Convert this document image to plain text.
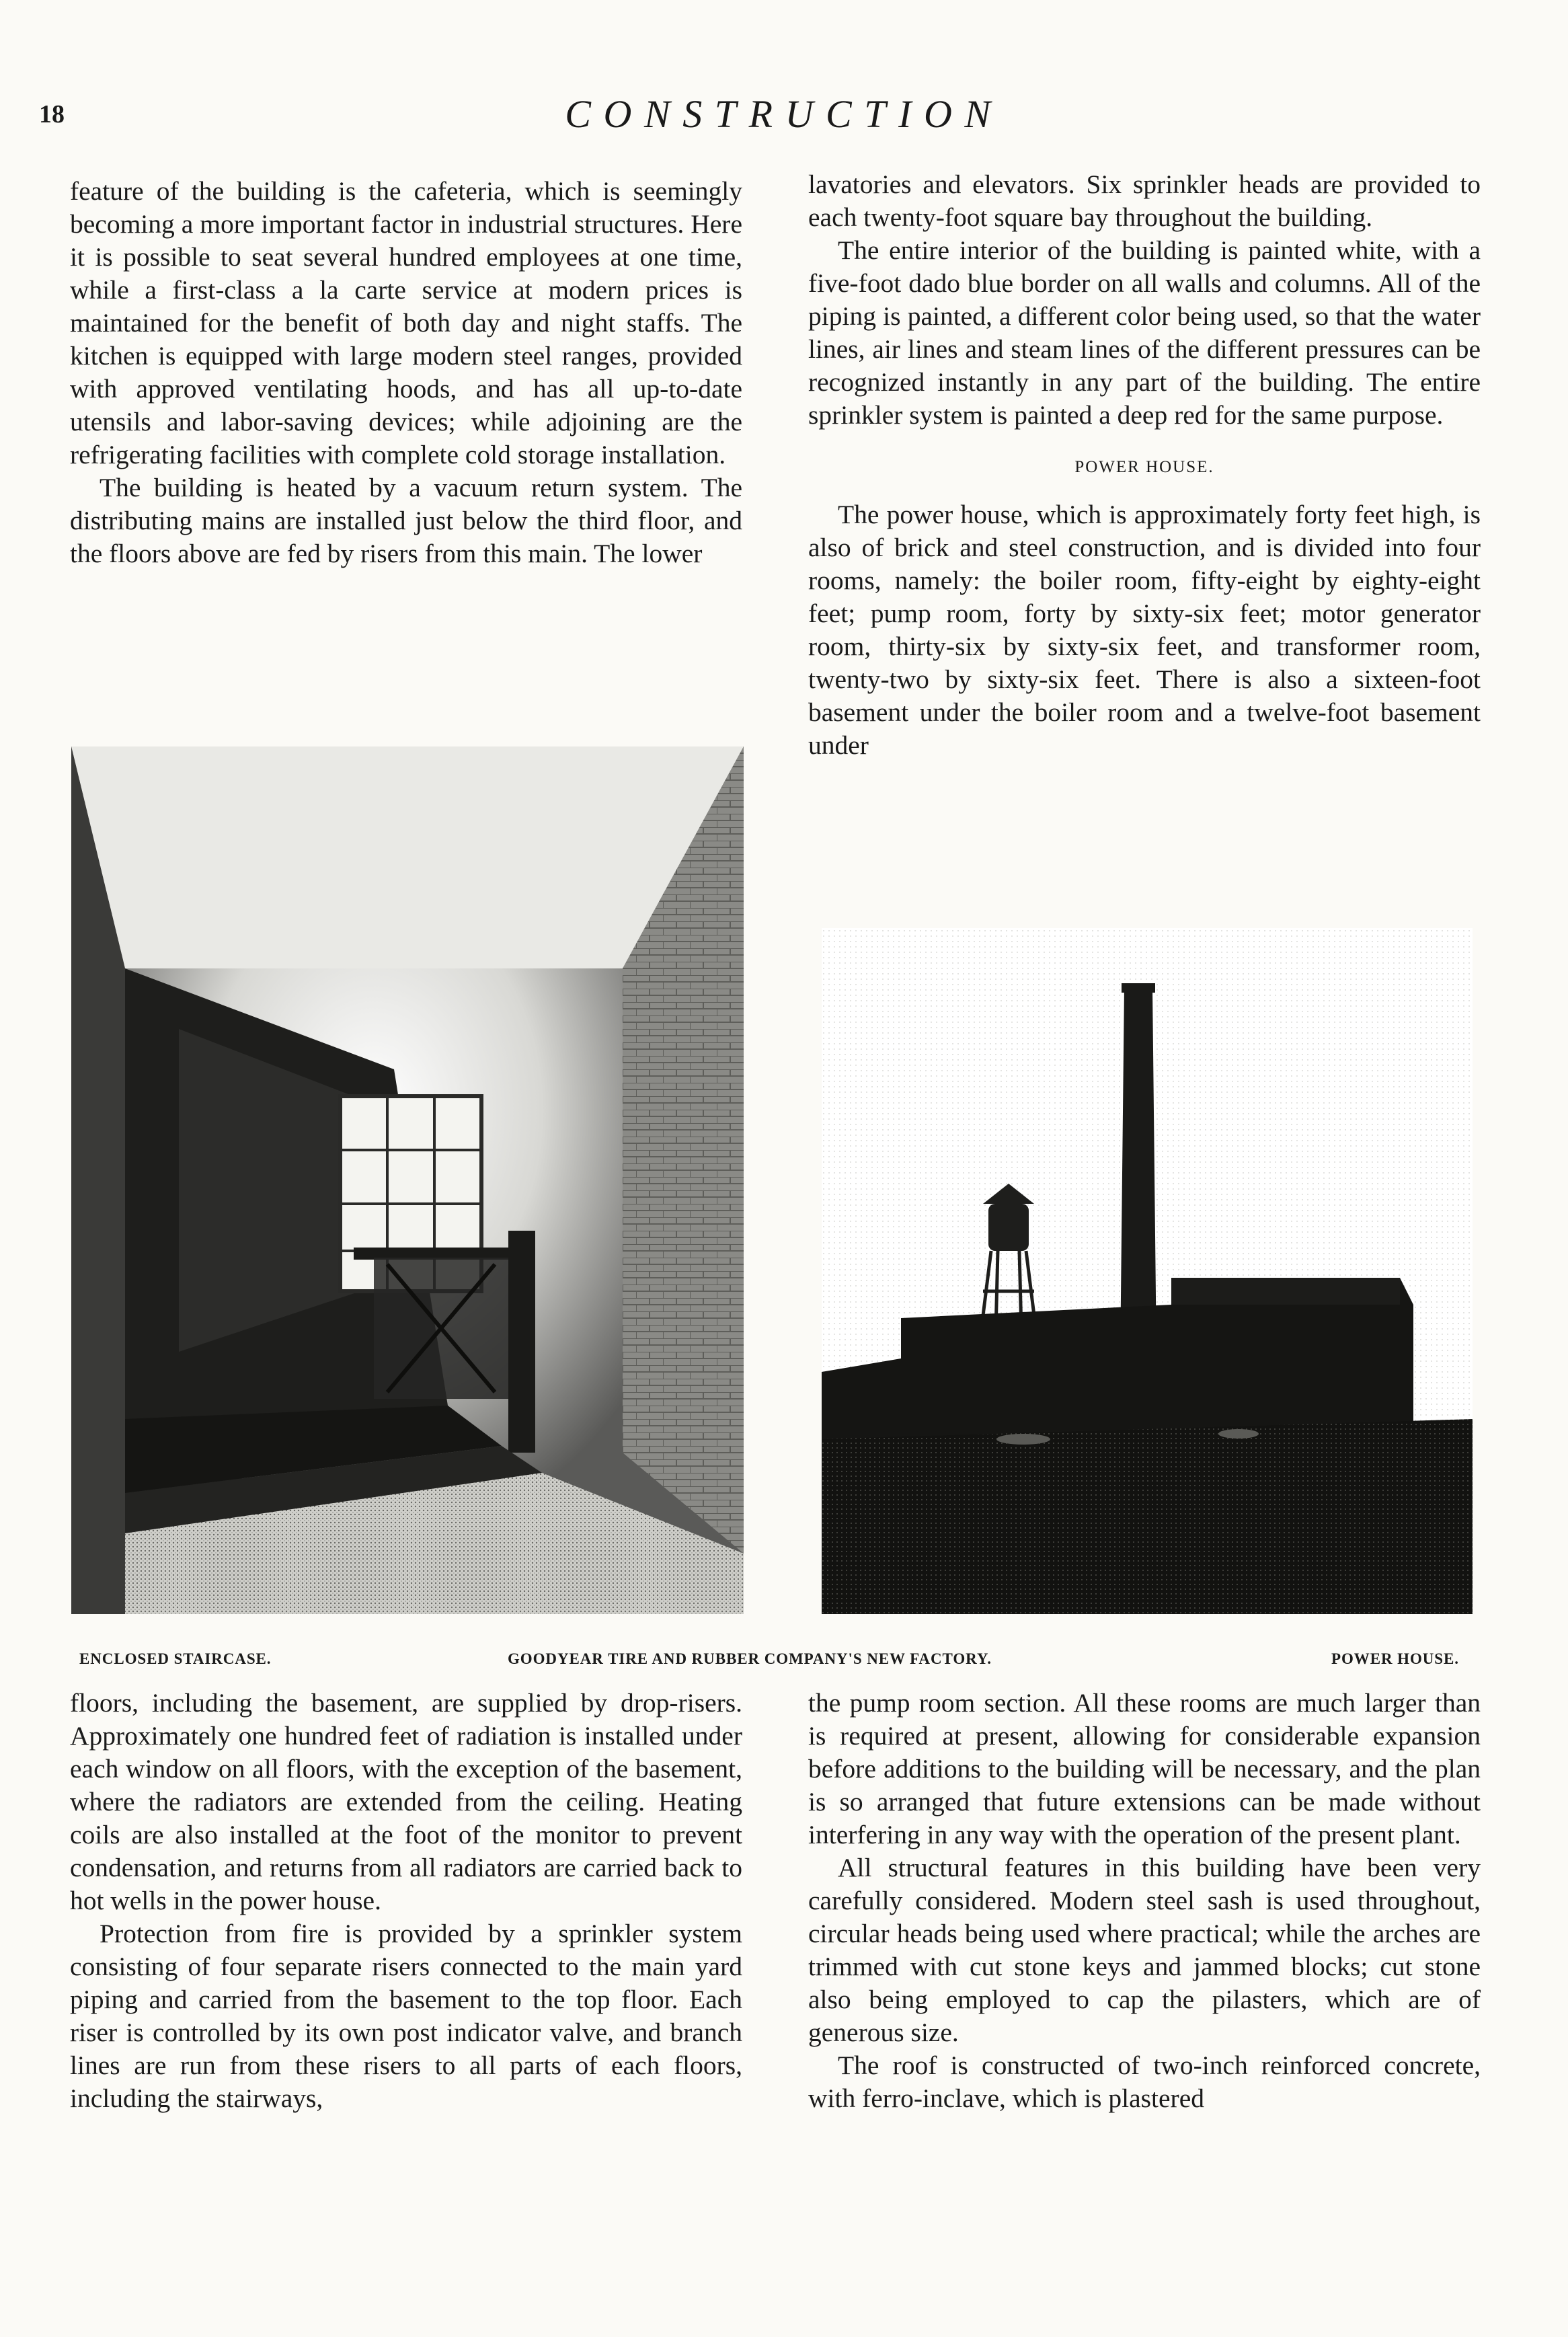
18	CONSTRUCTION

feature of the building is the cafeteria, which is seemingly becoming a more important factor in industrial structures. Here it is possible to seat several hundred employees at one time, while a first-class a la carte service at modern prices is maintained for the benefit of both day and night staffs. The kitchen is equipped with large modern steel ranges, provided with approved ventilating hoods, and has all up-to-date utensils and labor-saving devices; while adjoining are the refrigerating facilities with complete cold storage installation.

The building is heated by a vacuum return system. The distributing mains are installed just below the third floor, and the floors above are fed by risers from this main. The lower

lavatories and elevators. Six sprinkler heads are provided to each twenty-foot square bay throughout the building.

The entire interior of the building is painted white, with a five-foot dado blue border on all walls and columns. All of the piping is painted, a different color being used, so that the water lines, air lines and steam lines of the different pressures can be recognized instantly in any part of the building. The entire sprinkler system is painted a deep red for the same purpose.

POWER HOUSE.

The power house, which is approximately forty feet high, is also of brick and steel construction, and is divided into four rooms, namely: the boiler room, fifty-eight by eighty-eight feet; pump room, forty by sixty-six feet; motor generator room, thirty-six by sixty-six feet, and transformer room, twenty-two by sixty-six feet. There is also a sixteen-foot basement under the boiler room and a twelve-foot basement under

ENCLOSED STAIRCASE.	GOODYEAR TIRE AND RUBBER COMPANY'S NEW FACTORY.	POWER HOUSE.

floors, including the basement, are supplied by drop-risers. Approximately one hundred feet of radiation is installed under each window on all floors, with the exception of the basement, where the radiators are extended from the ceiling. Heating coils are also installed at the foot of the monitor to prevent condensation, and returns from all radiators are carried back to hot wells in the power house.

Protection from fire is provided by a sprinkler system consisting of four separate risers connected to the main yard piping and carried from the basement to the top floor. Each riser is controlled by its own post indicator valve, and branch lines are run from these risers to all parts of each floors, including the stairways,

the pump room section. All these rooms are much larger than is required at present, allowing for considerable expansion before additions to the building will be necessary, and the plan is so arranged that future extensions can be made without interfering in any way with the operation of the present plant.

All structural features in this building have been very carefully considered. Modern steel sash is used throughout, circular heads being used where practical; while the arches are trimmed with cut stone keys and jammed blocks; cut stone also being employed to cap the pilasters, which are of generous size.

The roof is constructed of two-inch reinforced concrete, with ferro-inclave, which is plastered
